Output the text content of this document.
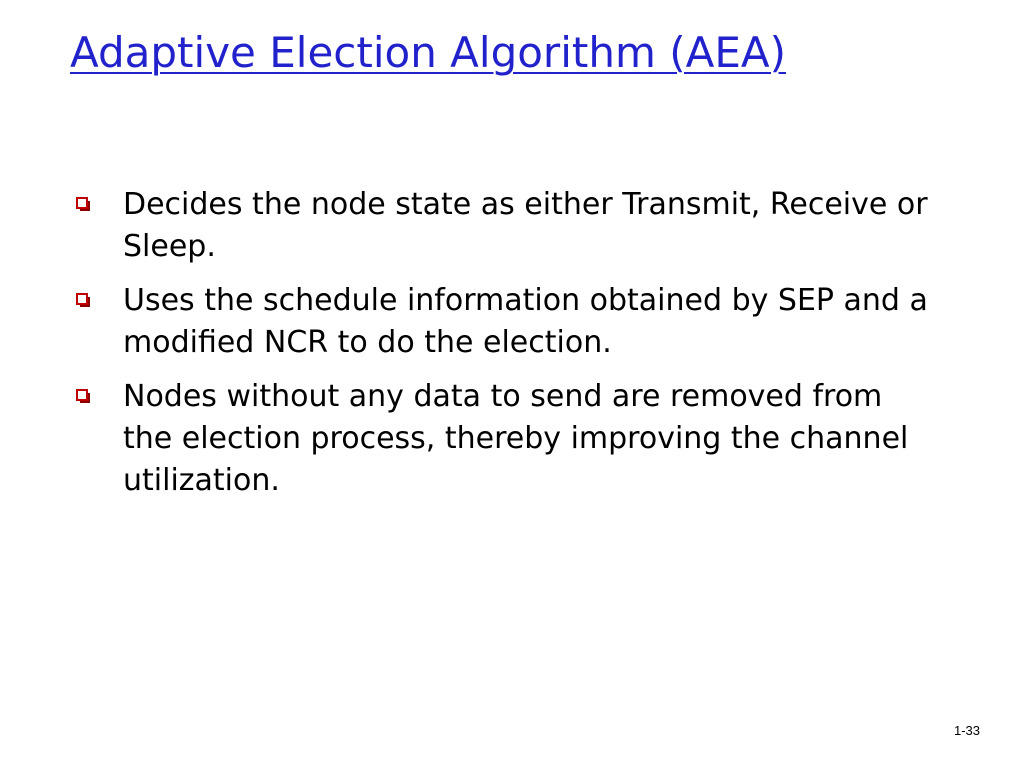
Adaptive Election Algorithm (AEA)
Decides the node state as either Transmit, Receive or Sleep.
Uses the schedule information obtained by SEP and a modified NCR to do the election.
Nodes without any data to send are removed from the election process, thereby improving the channel utilization.
1-33
